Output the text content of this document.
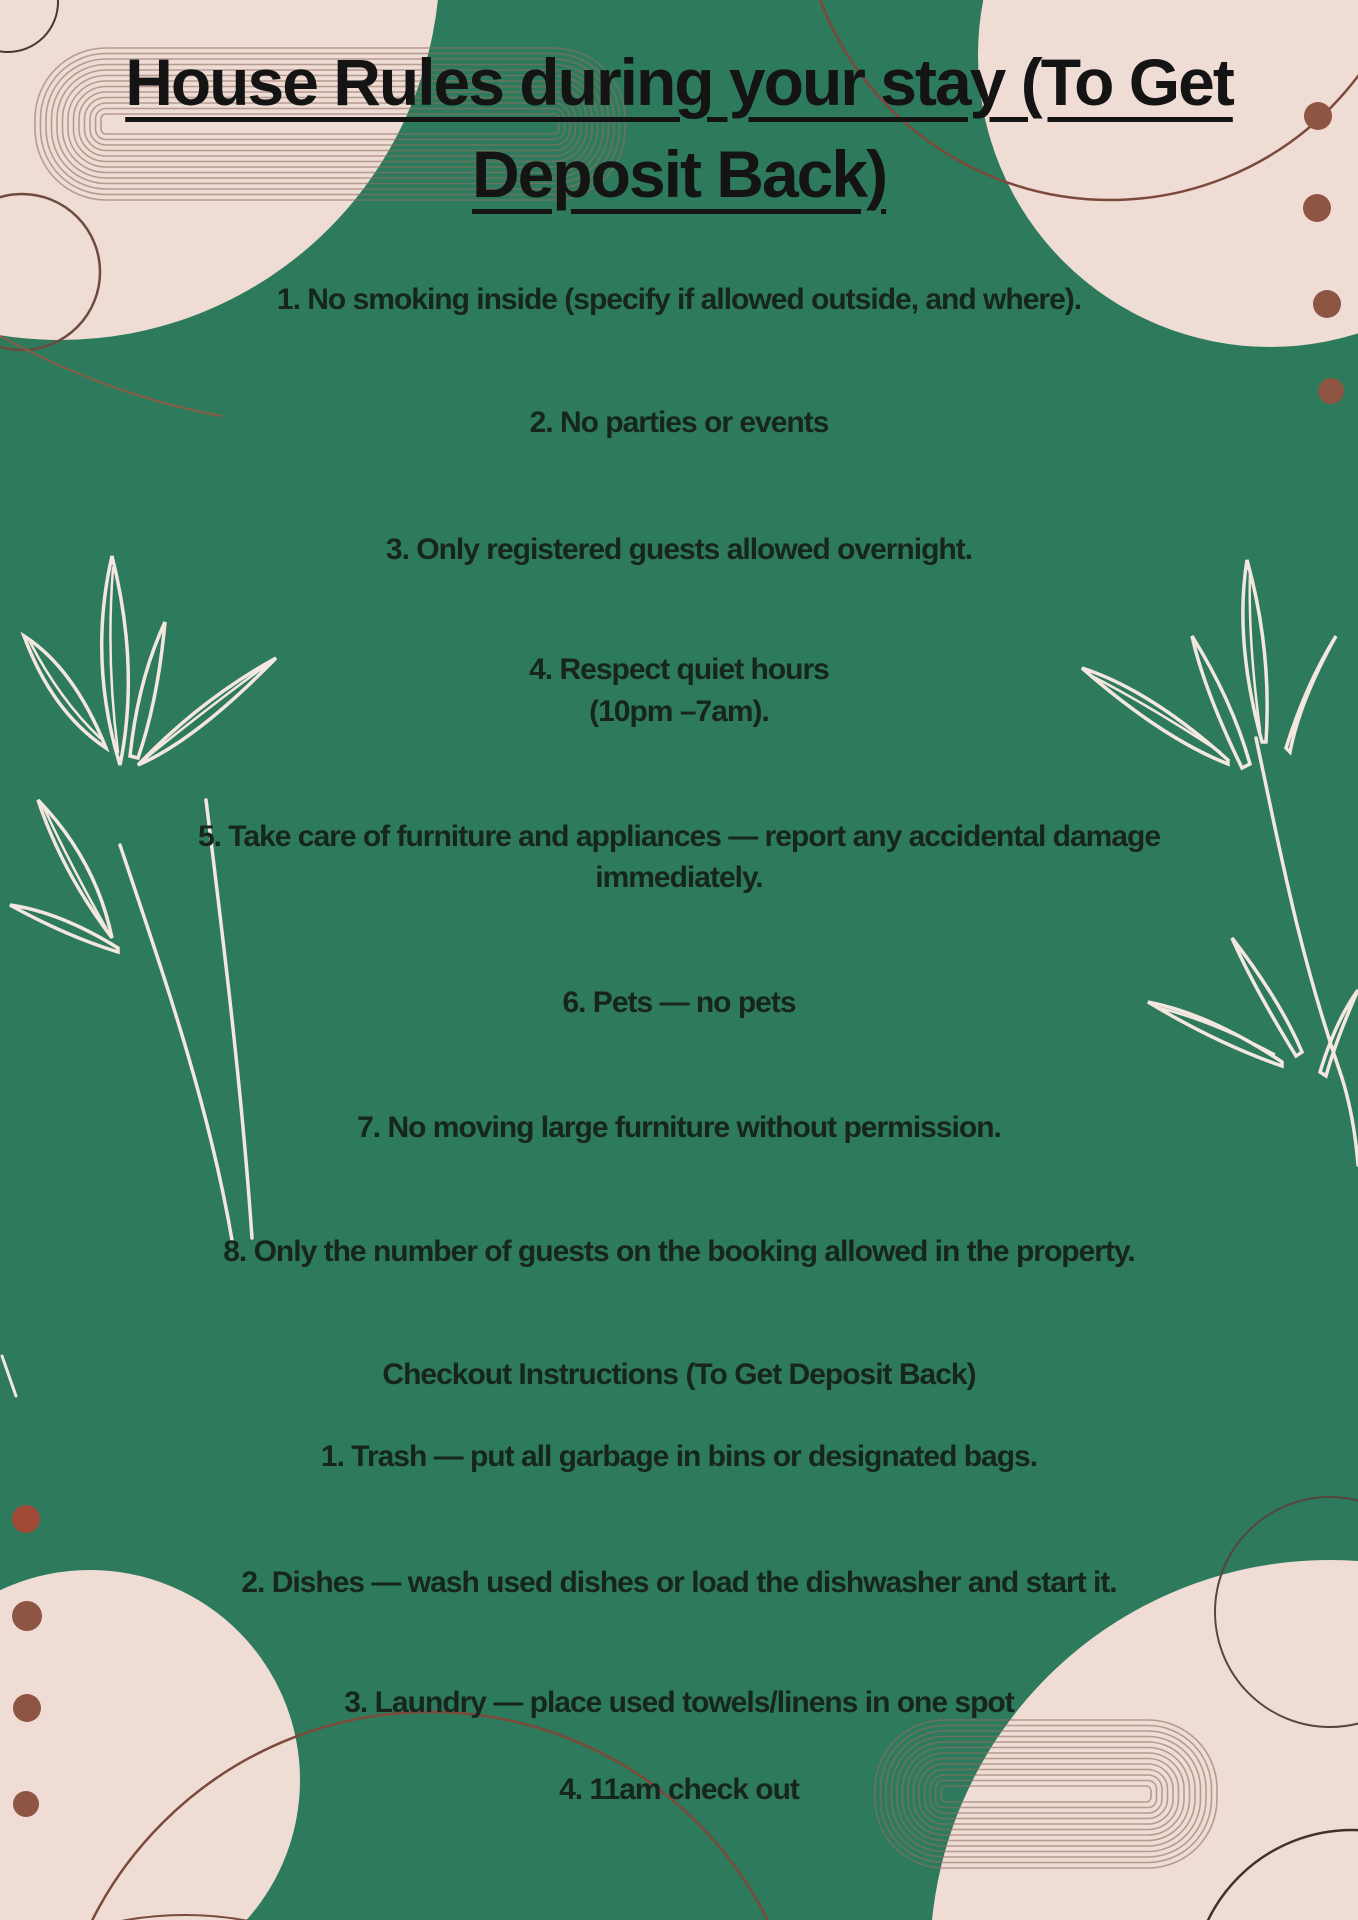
House Rules during your stay (To Get
Deposit Back)
1. No smoking inside (specify if allowed outside, and where).
2. No parties or events
3. Only registered guests allowed overnight.
4. Respect quiet hours
(10pm –7am).
5. Take care of furniture and appliances — report any accidental damage
immediately.
6. Pets — no pets
7. No moving large furniture without permission.
8. Only the number of guests on the booking allowed in the property.
Checkout Instructions (To Get Deposit Back)
1. Trash — put all garbage in bins or designated bags.
2. Dishes — wash used dishes or load the dishwasher and start it.
3. Laundry — place used towels/linens in one spot
4. 11am check out
